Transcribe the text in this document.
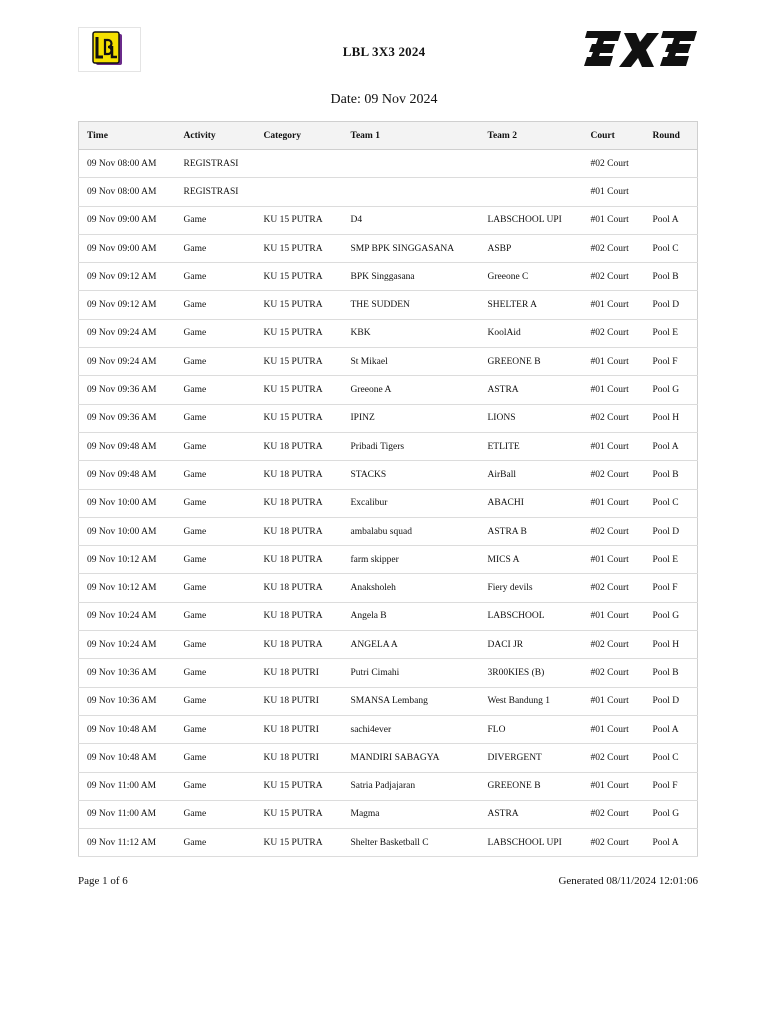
LBL 3X3 2024
Date: 09 Nov 2024
Time	Activity	Category	Team 1	Team 2	Court	Round
09 Nov 08:00 AM	REGISTRASI				#02 Court	
09 Nov 08:00 AM	REGISTRASI				#01 Court	
09 Nov 09:00 AM	Game	KU 15 PUTRA	D4	LABSCHOOL UPI	#01 Court	Pool A
09 Nov 09:00 AM	Game	KU 15 PUTRA	SMP BPK SINGGASANA	ASBP	#02 Court	Pool C
09 Nov 09:12 AM	Game	KU 15 PUTRA	BPK Singgasana	Greeone C	#02 Court	Pool B
09 Nov 09:12 AM	Game	KU 15 PUTRA	THE SUDDEN	SHELTER A	#01 Court	Pool D
09 Nov 09:24 AM	Game	KU 15 PUTRA	KBK	KoolAid	#02 Court	Pool E
09 Nov 09:24 AM	Game	KU 15 PUTRA	St Mikael	GREEONE B	#01 Court	Pool F
09 Nov 09:36 AM	Game	KU 15 PUTRA	Greeone A	ASTRA	#01 Court	Pool G
09 Nov 09:36 AM	Game	KU 15 PUTRA	IPINZ	LIONS	#02 Court	Pool H
09 Nov 09:48 AM	Game	KU 18 PUTRA	Pribadi Tigers	ETLITE	#01 Court	Pool A
09 Nov 09:48 AM	Game	KU 18 PUTRA	STACKS	AirBall	#02 Court	Pool B
09 Nov 10:00 AM	Game	KU 18 PUTRA	Excalibur	ABACHI	#01 Court	Pool C
09 Nov 10:00 AM	Game	KU 18 PUTRA	ambalabu squad	ASTRA B	#02 Court	Pool D
09 Nov 10:12 AM	Game	KU 18 PUTRA	farm skipper	MICS A	#01 Court	Pool E
09 Nov 10:12 AM	Game	KU 18 PUTRA	Anaksholeh	Fiery devils	#02 Court	Pool F
09 Nov 10:24 AM	Game	KU 18 PUTRA	Angela B	LABSCHOOL	#01 Court	Pool G
09 Nov 10:24 AM	Game	KU 18 PUTRA	ANGELA A	DACI JR	#02 Court	Pool H
09 Nov 10:36 AM	Game	KU 18 PUTRI	Putri Cimahi	3R00KIES (B)	#02 Court	Pool B
09 Nov 10:36 AM	Game	KU 18 PUTRI	SMANSA Lembang	West Bandung 1	#01 Court	Pool D
09 Nov 10:48 AM	Game	KU 18 PUTRI	sachi4ever	FLO	#01 Court	Pool A
09 Nov 10:48 AM	Game	KU 18 PUTRI	MANDIRI SABAGYA	DIVERGENT	#02 Court	Pool C
09 Nov 11:00 AM	Game	KU 15 PUTRA	Satria Padjajaran	GREEONE B	#01 Court	Pool F
09 Nov 11:00 AM	Game	KU 15 PUTRA	Magma	ASTRA	#02 Court	Pool G
09 Nov 11:12 AM	Game	KU 15 PUTRA	Shelter Basketball C	LABSCHOOL UPI	#02 Court	Pool A
Page 1 of 6	Generated 08/11/2024 12:01:06
